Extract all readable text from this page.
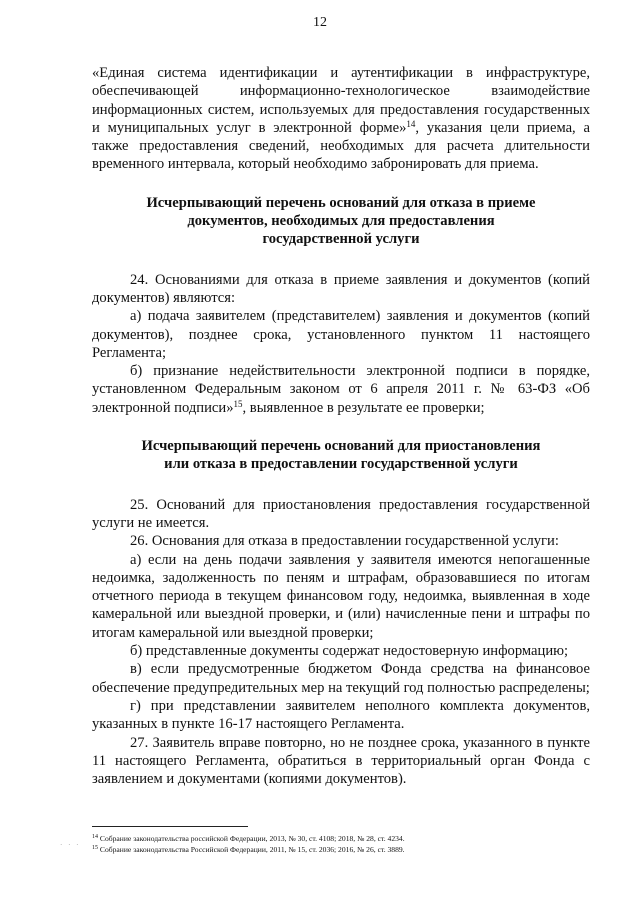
12

«Единая система идентификации и аутентификации в инфраструктуре, обеспечивающей информационно-технологическое взаимодействие информационных систем, используемых для предоставления государственных и муниципальных услуг в электронной форме»$^{14}$, указания цели приема, а также предоставления сведений, необходимых для расчета длительности временного интервала, который необходимо забронировать для приема.

Исчерпывающий перечень оснований для отказа в приеме
документов, необходимых для предоставления
государственной услуги

24. Основаниями для отказа в приеме заявления и документов (копий документов) являются:

а) подача заявителем (представителем) заявления и документов (копий документов), позднее срока, установленного пунктом 11 настоящего Регламента;

б) признание недействительности электронной подписи в порядке, установленном Федеральным законом от 6 апреля 2011 г. № 63-ФЗ «Об электронной подписи»$^{15}$, выявленное в результате ее проверки;

Исчерпывающий перечень оснований для приостановления
или отказа в предоставлении государственной услуги

25. Оснований для приостановления предоставления государственной услуги не имеется.

26. Основания для отказа в предоставлении государственной услуги:

а) если на день подачи заявления у заявителя имеются непогашенные недоимка, задолженность по пеням и штрафам, образовавшиеся по итогам отчетного периода в текущем финансовом году, недоимка, выявленная в ходе камеральной или выездной проверки, и (или) начисленные пени и штрафы по итогам камеральной или выездной проверки;

б) представленные документы содержат недостоверную информацию;

в) если предусмотренные бюджетом Фонда средства на финансовое обеспечение предупредительных мер на текущий год полностью распределены;

г) при представлении заявителем неполного комплекта документов, указанных в пункте 16-17 настоящего Регламента.

27. Заявитель вправе повторно, но не позднее срока, указанного в пункте 11 настоящего Регламента, обратиться в территориальный орган Фонда с заявлением и документами (копиями документов).

· · ·
$^{14}$ Собрание законодательства российской Федерации, 2013, № 30, ст. 4108; 2018, № 28, ст. 4234.
$^{15}$ Собрание законодательства Российской Федерации, 2011, № 15, ст. 2036; 2016, № 26, ст. 3889.
